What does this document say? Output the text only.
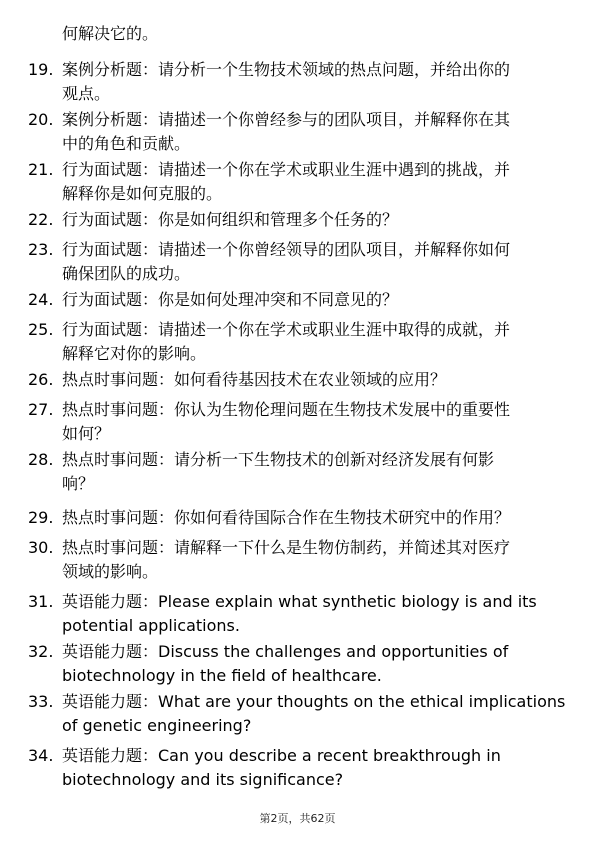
何解决它的。
19. 案例分析题：请分析一个生物技术领域的热点问题，并给出你的
观点。
20. 案例分析题：请描述一个你曾经参与的团队项目，并解释你在其
中的角色和贡献。
21. 行为面试题：请描述一个你在学术或职业生涯中遇到的挑战，并
解释你是如何克服的。
22. 行为面试题：你是如何组织和管理多个任务的？
23. 行为面试题：请描述一个你曾经领导的团队项目，并解释你如何
确保团队的成功。
24. 行为面试题：你是如何处理冲突和不同意见的？
25. 行为面试题：请描述一个你在学术或职业生涯中取得的成就，并
解释它对你的影响。
26. 热点时事问题：如何看待基因技术在农业领域的应用？
27. 热点时事问题：你认为生物伦理问题在生物技术发展中的重要性
如何？
28. 热点时事问题：请分析一下生物技术的创新对经济发展有何影
响？
29. 热点时事问题：你如何看待国际合作在生物技术研究中的作用？
30. 热点时事问题：请解释一下什么是生物仿制药，并简述其对医疗
领域的影响。
31. 英语能力题：Please explain what synthetic biology is and its
potential applications.
32. 英语能力题：Discuss the challenges and opportunities of
biotechnology in the field of healthcare.
33. 英语能力题：What are your thoughts on the ethical implications
of genetic engineering?
34. 英语能力题：Can you describe a recent breakthrough in
biotechnology and its significance?
第2页，共62页
